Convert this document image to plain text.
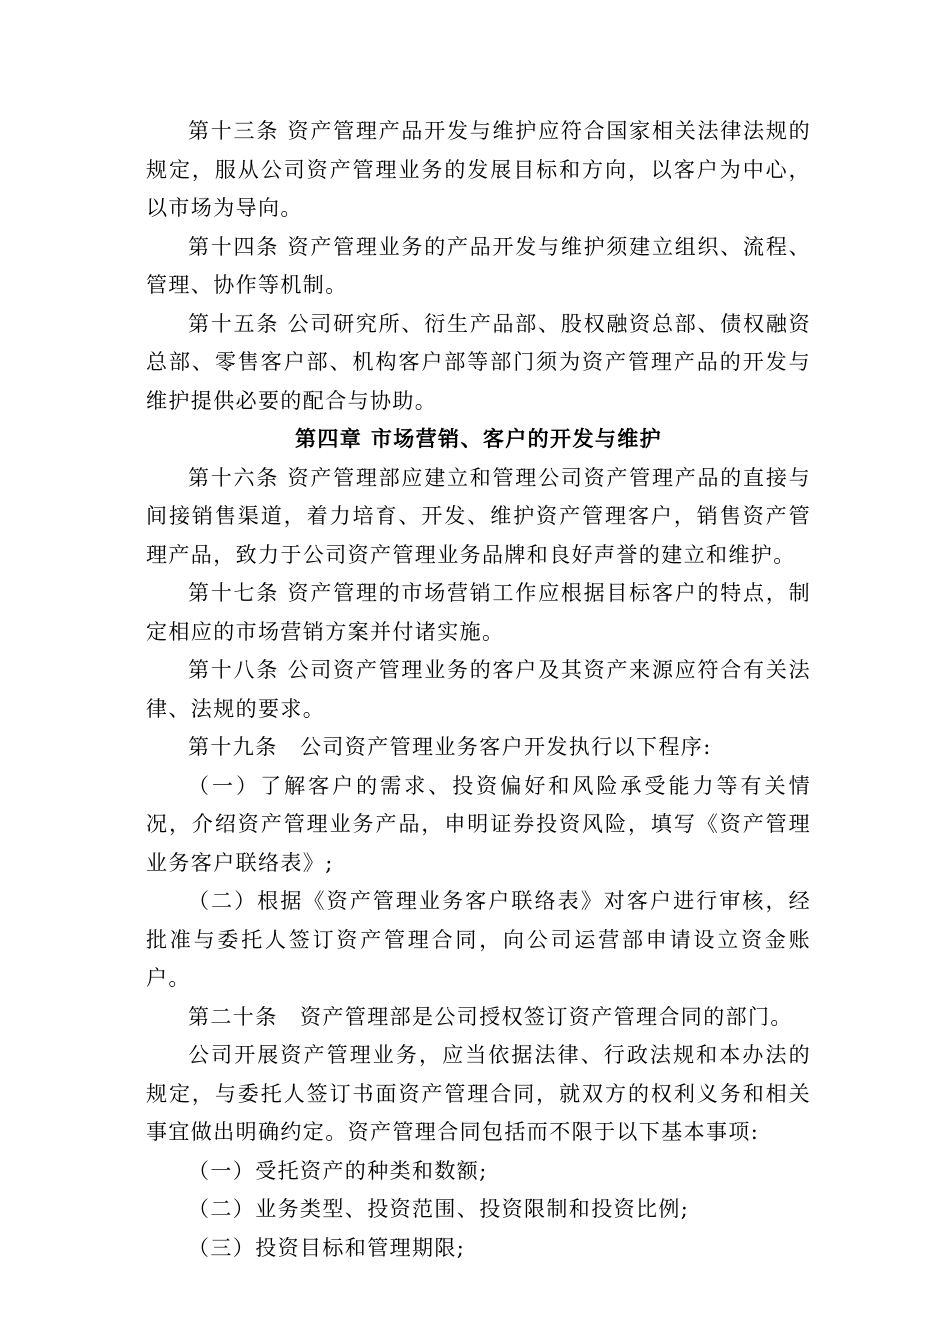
第十三条 资产管理产品开发与维护应符合国家相关法律法规的规定，服从公司资产管理业务的发展目标和方向，以客户为中心，以市场为导向。

第十四条 资产管理业务的产品开发与维护须建立组织、流程、管理、协作等机制。

第十五条 公司研究所、衍生产品部、股权融资总部、债权融资总部、零售客户部、机构客户部等部门须为资产管理产品的开发与维护提供必要的配合与协助。

第四章 市场营销、客户的开发与维护

第十六条 资产管理部应建立和管理公司资产管理产品的直接与间接销售渠道，着力培育、开发、维护资产管理客户，销售资产管理产品，致力于公司资产管理业务品牌和良好声誉的建立和维护。

第十七条 资产管理的市场营销工作应根据目标客户的特点，制定相应的市场营销方案并付诸实施。

第十八条 公司资产管理业务的客户及其资产来源应符合有关法律、法规的要求。

第十九条　公司资产管理业务客户开发执行以下程序:

（一）了解客户的需求、投资偏好和风险承受能力等有关情况，介绍资产管理业务产品，申明证券投资风险，填写《资产管理业务客户联络表》;

（二）根据《资产管理业务客户联络表》对客户进行审核，经批准与委托人签订资产管理合同，向公司运营部申请设立资金账户。

第二十条　资产管理部是公司授权签订资产管理合同的部门。

公司开展资产管理业务，应当依据法律、行政法规和本办法的规定，与委托人签订书面资产管理合同，就双方的权利义务和相关事宜做出明确约定。资产管理合同包括而不限于以下基本事项:

（一）受托资产的种类和数额;

（二）业务类型、投资范围、投资限制和投资比例;

（三）投资目标和管理期限;
